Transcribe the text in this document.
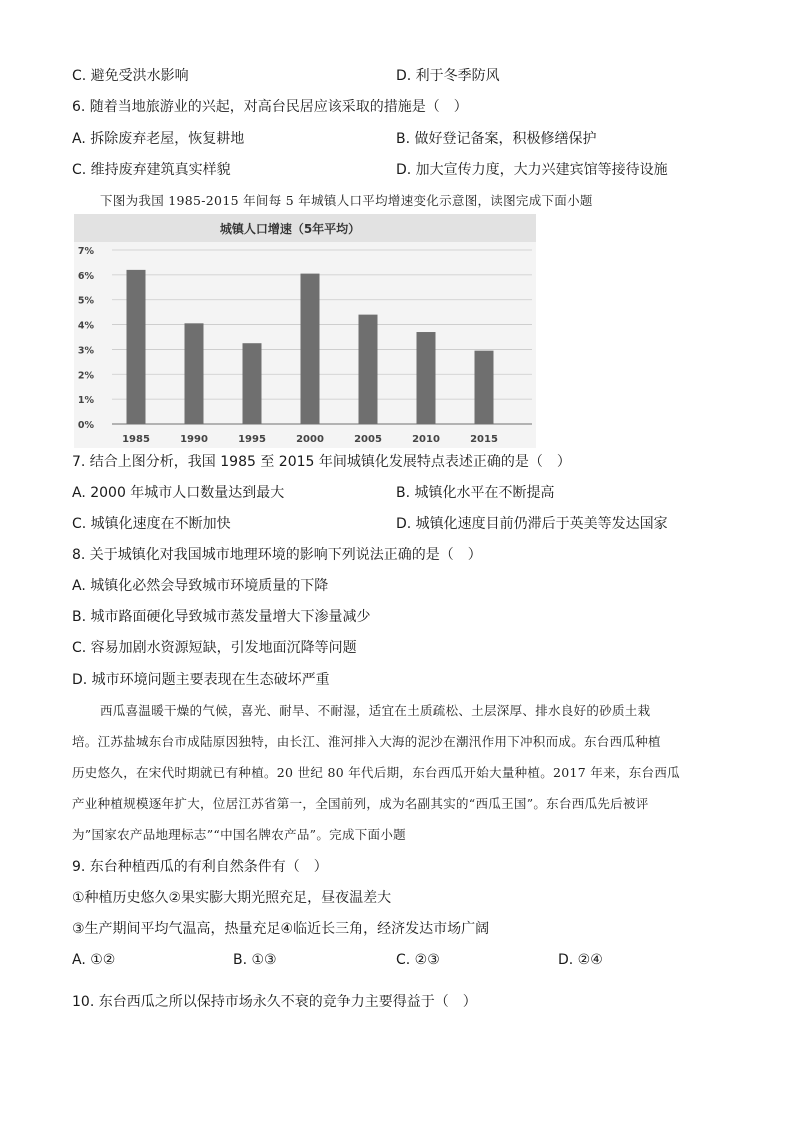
C. 避免受洪水影响	D. 利于冬季防风
6. 随着当地旅游业的兴起，对高台民居应该采取的措施是（　）
A. 拆除废弃老屋，恢复耕地	B. 做好登记备案，积极修缮保护
C. 维持废弃建筑真实样貌	D. 加大宣传力度，大力兴建宾馆等接待设施
下图为我国 1985-2015 年间每 5 年城镇人口平均增速变化示意图，读图完成下面小题
城镇人口增速（5年平均）
0%
1%
2%
3%
4%
5%
6%
7%
1985	1990	1995	2000	2005	2010	2015
7. 结合上图分析，我国 1985 至 2015 年间城镇化发展特点表述正确的是（　）
A. 2000 年城市人口数量达到最大	B. 城镇化水平在不断提高
C. 城镇化速度在不断加快	D. 城镇化速度目前仍滞后于英美等发达国家
8. 关于城镇化对我国城市地理环境的影响下列说法正确的是（　）
A. 城镇化必然会导致城市环境质量的下降
B. 城市路面硬化导致城市蒸发量增大下渗量减少
C. 容易加剧水资源短缺，引发地面沉降等问题
D. 城市环境问题主要表现在生态破坏严重
西瓜喜温暖干燥的气候，喜光、耐旱、不耐湿，适宜在土质疏松、土层深厚、排水良好的砂质土栽
培。江苏盐城东台市成陆原因独特，由长江、淮河排入大海的泥沙在潮汛作用下冲积而成。东台西瓜种植
历史悠久，在宋代时期就已有种植。20 世纪 80 年代后期，东台西瓜开始大量种植。2017 年来，东台西瓜
产业种植规模逐年扩大，位居江苏省第一，全国前列，成为名副其实的“西瓜王国”。东台西瓜先后被评
为”国家农产品地理标志”“中国名牌农产品”。完成下面小题
9. 东台种植西瓜的有利自然条件有（　）
①种植历史悠久②果实膨大期光照充足，昼夜温差大
③生产期间平均气温高，热量充足④临近长三角，经济发达市场广阔
A. ①②	B. ①③	C. ②③	D. ②④
10. 东台西瓜之所以保持市场永久不衰的竞争力主要得益于（　）
